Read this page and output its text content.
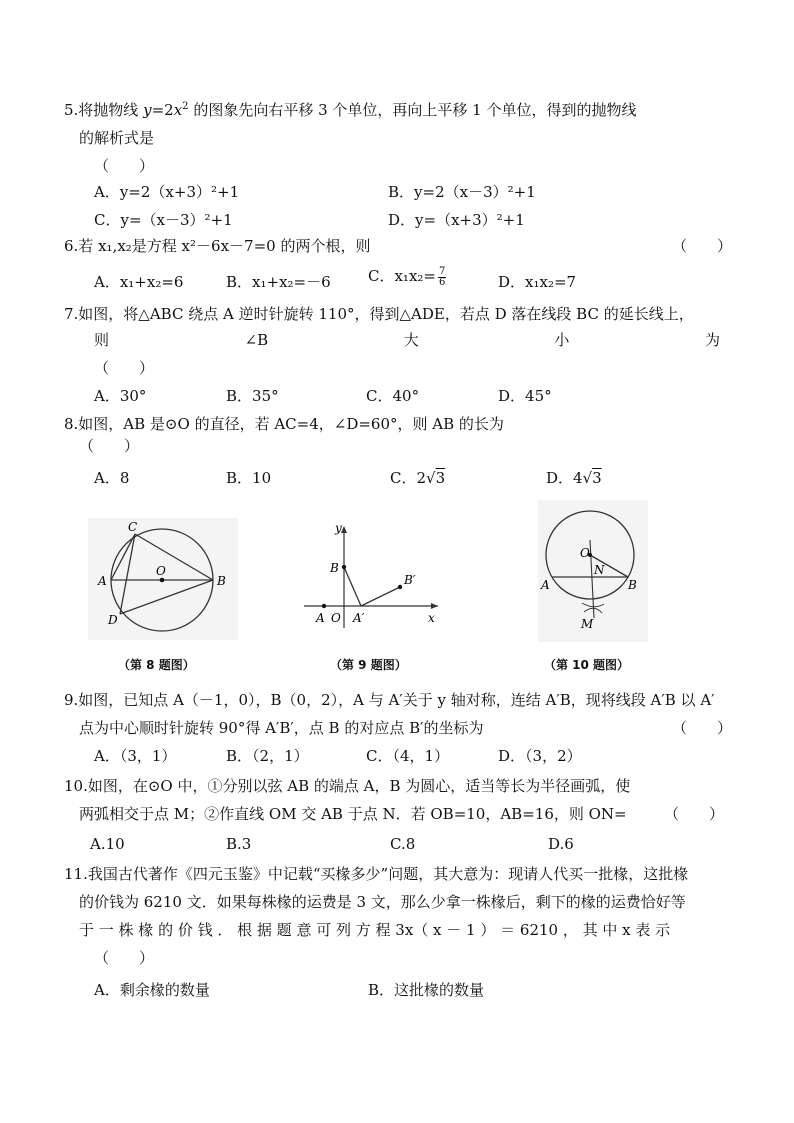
5.将抛物线 $y=2x^2$ 的图象先向右平移 3 个单位，再向上平移 1 个单位，得到的抛物线
的解析式是
（　　）
A．y=2（x+3）²+1	B．y=2（x－3）²+1
C．y=（x－3）²+1	D．y=（x+3）²+1
6.若 x₁,x₂是方程 x²－6x－7=0 的两个根，则	（　　）
A．x₁+x₂=6	B．x₁+x₂=－6 C．$x_1x_2= \frac{7}{6}$	D．x₁x₂=7
7.如图，将△ABC 绕点 A 逆时针旋转 110°，得到△ADE，若点 D 落在线段 BC 的延长线上，
则	∠B	大	小	为
（　　）
A．30°	B．35°	C．40°	D．45°
8.如图，AB 是⊙O 的直径，若 AC=4，∠D=60°，则 AB 的长为
（　　）
A．8	B．10	C．2√3	D．4√3
C
O
A	B
D
（第 8 题图）
y
B
B′
A O A′	x
（第 9 题图）
O
N
A	B
M
（第 10 题图）
9.如图，已知点 A（－1，0），B（0，2），A 与 A′关于 y 轴对称，连结 A′B，现将线段 A′B 以 A′
点为中心顺时针旋转 90°得 A′B′，点 B 的对应点 B′的坐标为	（　　）
A．（3，1）	B．（2，1）	C．（4，1）	D．（3，2）
10.如图，在⊙O 中，①分别以弦 AB 的端点 A，B 为圆心，适当等长为半径画弧，使
两弧相交于点 M；②作直线 OM 交 AB 于点 N．若 OB=10，AB=16，则 ON= （　　）
A.10	B.3	C.8	D.6
11.我国古代著作《四元玉鉴》中记载“买椽多少”问题，其大意为：现请人代买一批椽，这批椽
的价钱为 6210 文．如果每株椽的运费是 3 文，那么少拿一株椽后，剩下的椽的运费恰好等
于 一 株 椽 的 价 钱 ． 根 据 题 意 可 列 方 程 3x（ x － 1 ） ＝ 6210 ， 其 中 x 表 示
（　　）
A．剩余椽的数量	B．这批椽的数量
